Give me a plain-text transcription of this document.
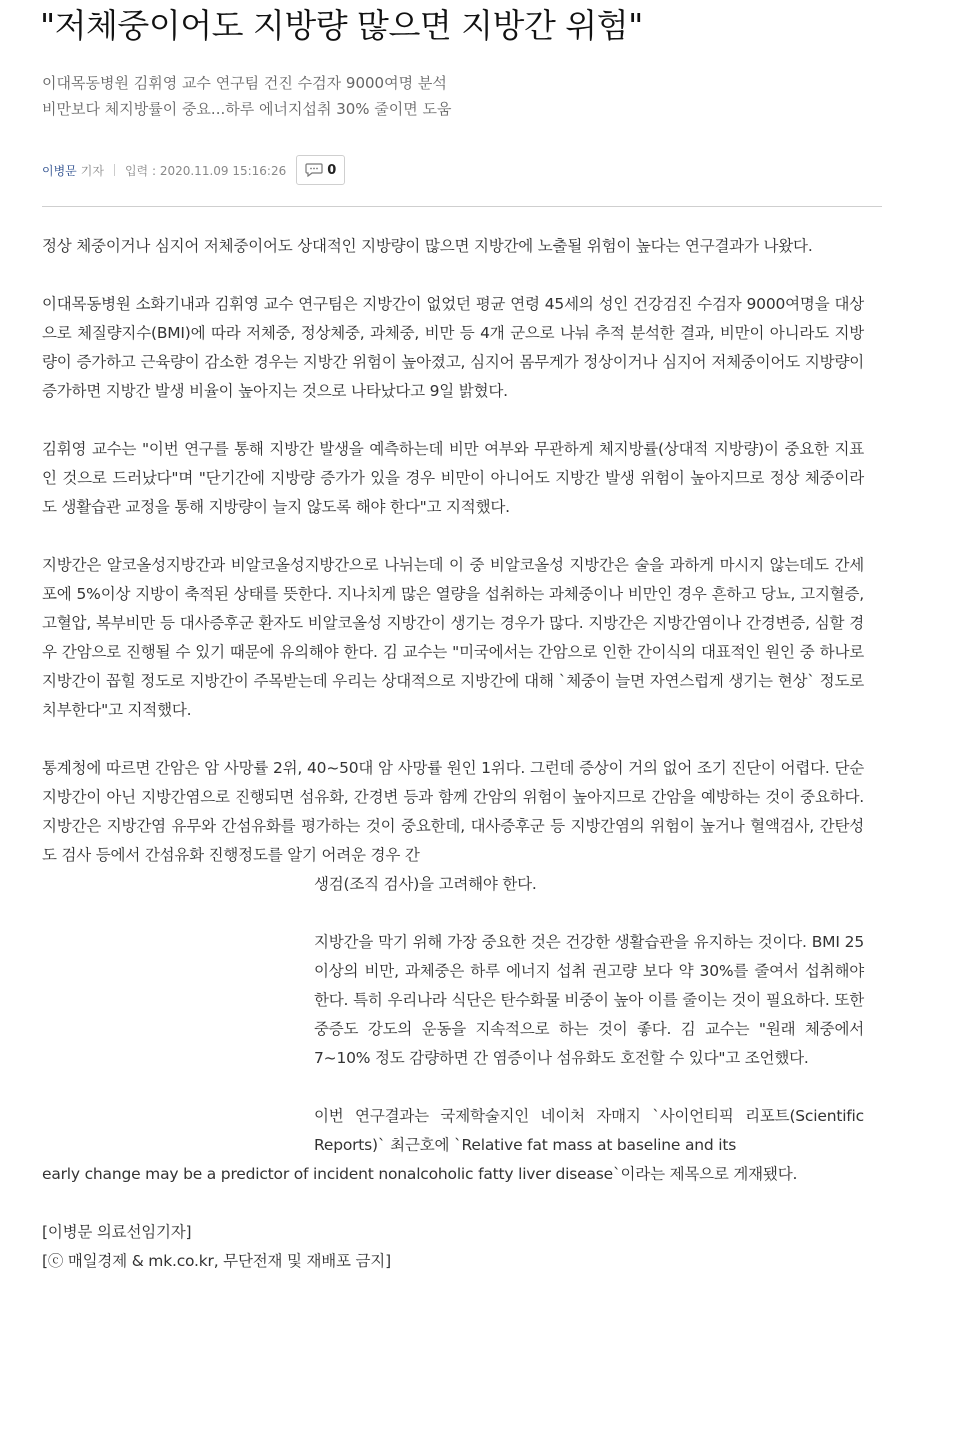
"저체중이어도 지방량 많으면 지방간 위험"
이대목동병원 김휘영 교수 연구팀 건진 수검자 9000여명 분석
비만보다 체지방률이 중요...하루 에너지섭취 30% 줄이면 도움
이병문 기자 입력 : 2020.11.09 15:16:26	0

정상 체중이거나 심지어 저체중이어도 상대적인 지방량이 많으면 지방간에 노출될 위험이 높다는 연구결과가 나왔다.

이대목동병원 소화기내과 김휘영 교수 연구팀은 지방간이 없었던 평균 연령 45세의 성인 건강검진 수검자 9000여명을 대상으로 체질량지수(BMI)에 따라 저체중, 정상체중, 과체중, 비만 등 4개 군으로 나눠 추적 분석한 결과, 비만이 아니라도 지방량이 증가하고 근육량이 감소한 경우는 지방간 위험이 높아졌고, 심지어 몸무게가 정상이거나 심지어 저체중이어도 지방량이 증가하면 지방간 발생 비율이 높아지는 것으로 나타났다고 9일 밝혔다.

김휘영 교수는 "이번 연구를 통해 지방간 발생을 예측하는데 비만 여부와 무관하게 체지방률(상대적 지방량)이 중요한 지표인 것으로 드러났다"며 "단기간에 지방량 증가가 있을 경우 비만이 아니어도 지방간 발생 위험이 높아지므로 정상 체중이라도 생활습관 교정을 통해 지방량이 늘지 않도록 해야 한다"고 지적했다.

지방간은 알코올성지방간과 비알코올성지방간으로 나뉘는데 이 중 비알코올성 지방간은 술을 과하게 마시지 않는데도 간세포에 5%이상 지방이 축적된 상태를 뜻한다. 지나치게 많은 열량을 섭취하는 과체중이나 비만인 경우 흔하고 당뇨, 고지혈증, 고혈압, 복부비만 등 대사증후군 환자도 비알코올성 지방간이 생기는 경우가 많다. 지방간은 지방간염이나 간경변증, 심할 경우 간암으로 진행될 수 있기 때문에 유의해야 한다. 김 교수는 "미국에서는 간암으로 인한 간이식의 대표적인 원인 중 하나로 지방간이 꼽힐 정도로 지방간이 주목받는데 우리는 상대적으로 지방간에 대해 `체중이 늘면 자연스럽게 생기는 현상` 정도로 치부한다"고 지적했다.

통계청에 따르면 간암은 암 사망률 2위, 40~50대 암 사망률 원인 1위다. 그런데 증상이 거의 없어 조기 진단이 어렵다. 단순 지방간이 아닌 지방간염으로 진행되면 섬유화, 간경변 등과 함께 간암의 위험이 높아지므로 간암을 예방하는 것이 중요하다. 지방간은 지방간염 유무와 간섬유화를 평가하는 것이 중요한데, 대사증후군 등 지방간염의 위험이 높거나 혈액검사, 간탄성도 검사 등에서 간섬유화 진행정도를 알기 어려운 경우 간

생검(조직 검사)을 고려해야 한다.

지방간을 막기 위해 가장 중요한 것은 건강한 생활습관을 유지하는 것이다. BMI 25이상의 비만, 과체중은 하루 에너지 섭취 권고량 보다 약 30%를 줄여서 섭취해야 한다. 특히 우리나라 식단은 탄수화물 비중이 높아 이를 줄이는 것이 필요하다. 또한 중증도 강도의 운동을 지속적으로 하는 것이 좋다. 김 교수는 "원래 체중에서 7~10% 정도 감량하면 간 염증이나 섬유화도 호전할 수 있다"고 조언했다.

이번 연구결과는 국제학술지인 네이처 자매지 `사이언티픽 리포트(Scientific Reports)` 최근호에 `Relative fat mass at baseline and its
early change may be a predictor of incident nonalcoholic fatty liver disease`이라는 제목으로 게재됐다.

[이병문 의료선임기자]
[ⓒ 매일경제 & mk.co.kr, 무단전재 및 재배포 금지]
